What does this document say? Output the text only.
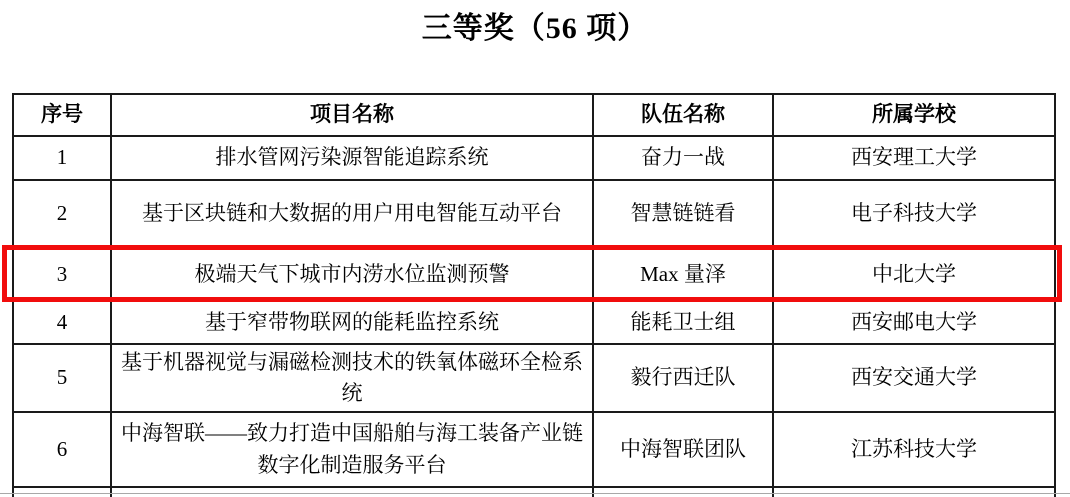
三等奖（56 项）
序号	项目名称	队伍名称	所属学校
1	排水管网污染源智能追踪系统	奋力一战	西安理工大学
2	基于区块链和大数据的用户用电智能互动平台	智慧链链看	电子科技大学
3	极端天气下城市内涝水位监测预警	Max 量泽	中北大学
4	基于窄带物联网的能耗监控系统	能耗卫士组	西安邮电大学
5	基于机器视觉与漏磁检测技术的铁氧体磁环全检系统	毅行西迁队	西安交通大学
6	中海智联——致力打造中国船舶与海工装备产业链数字化制造服务平台	中海智联团队	江苏科技大学
